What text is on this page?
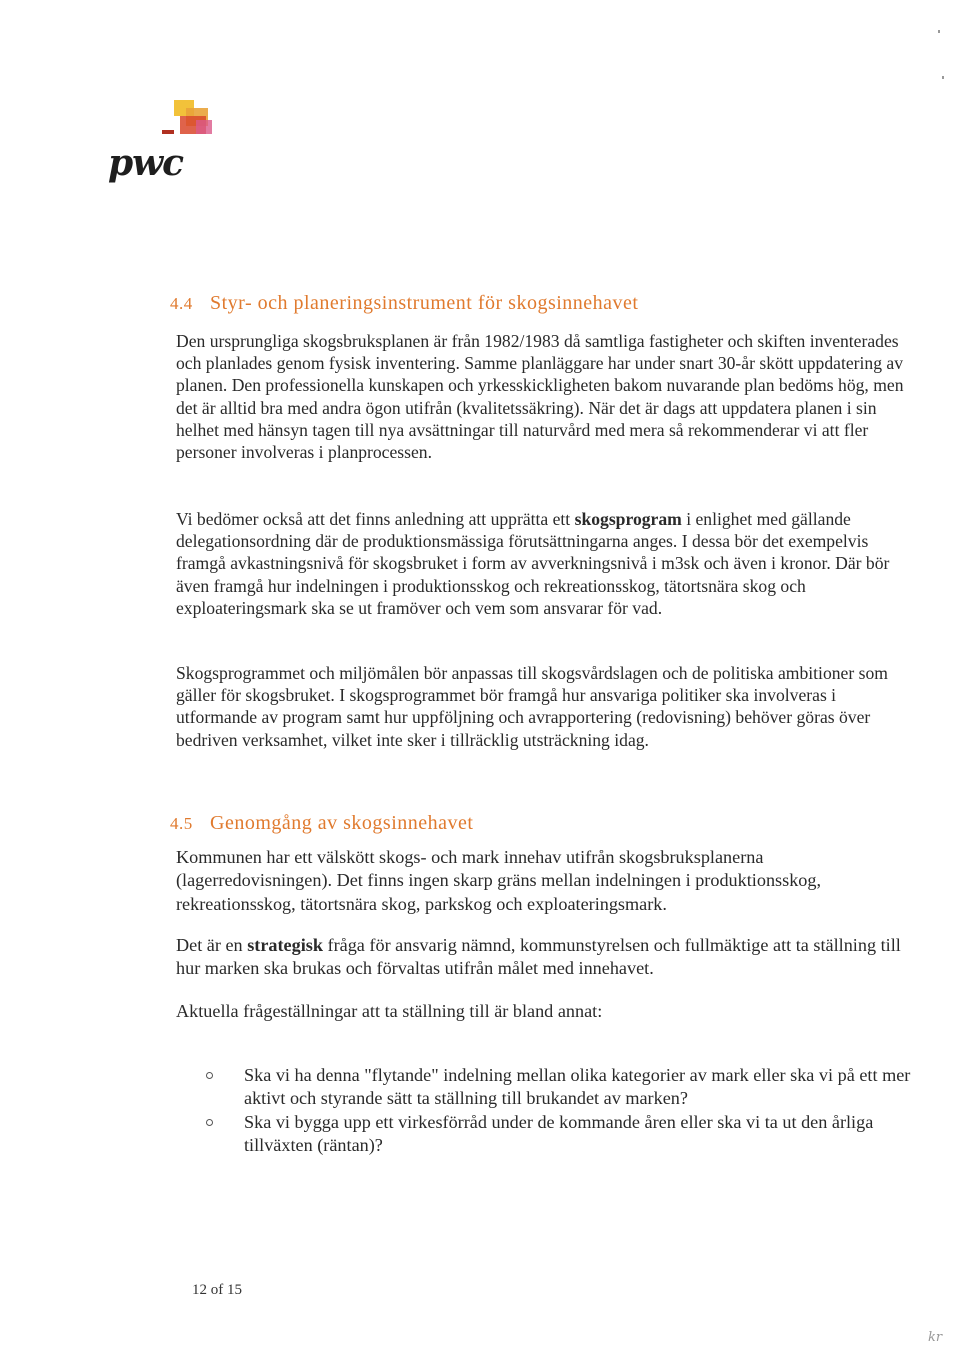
pwc
4.4 Styr- och planeringsinstrument för skogsinnehavet

Den ursprungliga skogsbruksplanen är från 1982/1983 då samtliga fastigheter och skiften inventerades och planlades genom fysisk inventering. Samme planläggare har under snart 30-år skött uppdatering av planen. Den professionella kunskapen och yrkesskickligheten bakom nuvarande plan bedöms hög, men det är alltid bra med andra ögon utifrån (kvalitetssäkring). När det är dags att uppdatera planen i sin helhet med hänsyn tagen till nya avsättningar till naturvård med mera så rekommenderar vi att fler personer involveras i planprocessen.

Vi bedömer också att det finns anledning att upprätta ett skogsprogram i enlighet med gällande delegationsordning där de produktionsmässiga förutsättningarna anges. I dessa bör det exempelvis framgå avkastningsnivå för skogsbruket i form av avverkningsnivå i m3sk och även i kronor. Där bör även framgå hur indelningen i produktionsskog och rekreationsskog, tätortsnära skog och exploateringsmark ska se ut framöver och vem som ansvarar för vad.

Skogsprogrammet och miljömålen bör anpassas till skogsvårdslagen och de politiska ambitioner som gäller för skogsbruket. I skogsprogrammet bör framgå hur ansvariga politiker ska involveras i utformande av program samt hur uppföljning och avrapportering (redovisning) behöver göras över bedriven verksamhet, vilket inte sker i tillräcklig utsträckning idag.

4.5 Genomgång av skogsinnehavet

Kommunen har ett välskött skogs- och mark innehav utifrån skogsbruksplanerna (lagerredovisningen). Det finns ingen skarp gräns mellan indelningen i produktionsskog, rekreationsskog, tätortsnära skog, parkskog och exploateringsmark.

Det är en strategisk fråga för ansvarig nämnd, kommunstyrelsen och fullmäktige att ta ställning till hur marken ska brukas och förvaltas utifrån målet med innehavet.

Aktuella frågeställningar att ta ställning till är bland annat:

Ska vi ha denna "flytande" indelning mellan olika kategorier av mark eller ska vi på ett mer aktivt och styrande sätt ta ställning till brukandet av marken?
Ska vi bygga upp ett virkesförråd under de kommande åren eller ska vi ta ut den årliga tillväxten (räntan)?
12 of 15
kr
